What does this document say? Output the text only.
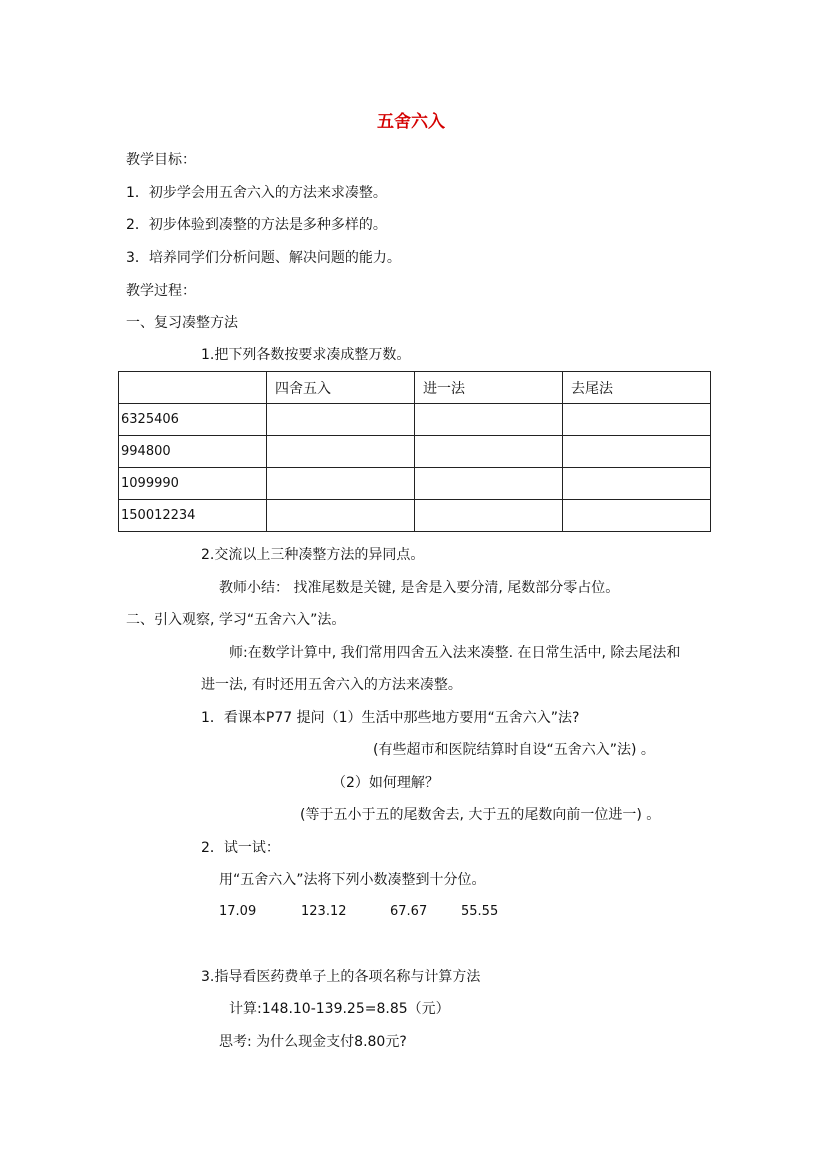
五舍六入
教学目标：
1．初步学会用五舍六入的方法来求凑整。
2．初步体验到凑整的方法是多种多样的。
3．培养同学们分析问题、解决问题的能力。
教学过程：
一、复习凑整方法
1.把下列各数按要求凑成整万数。
	四舍五入	进一法	去尾法
6325406			
994800			
1099990			
150012234			
2.交流以上三种凑整方法的异同点。
教师小结： 找准尾数是关键, 是舍是入要分清, 尾数部分零占位。
二、引入观察, 学习“五舍六入”法。
师:在数学计算中, 我们常用四舍五入法来凑整. 在日常生活中, 除去尾法和
进一法, 有时还用五舍六入的方法来凑整。
1．看课本P77 提问（1）生活中那些地方要用“五舍六入”法?
(有些超市和医院结算时自设“五舍六入”法) 。
（2）如何理解？
(等于五小于五的尾数舍去, 大于五的尾数向前一位进一) 。
2．试一试：
用“五舍六入”法将下列小数凑整到十分位。
17.09	123.12	67.67	55.55
3.指导看医药费单子上的各项名称与计算方法
计算:148.10-139.25=8.85（元）
思考: 为什么现金支付8.80元?
